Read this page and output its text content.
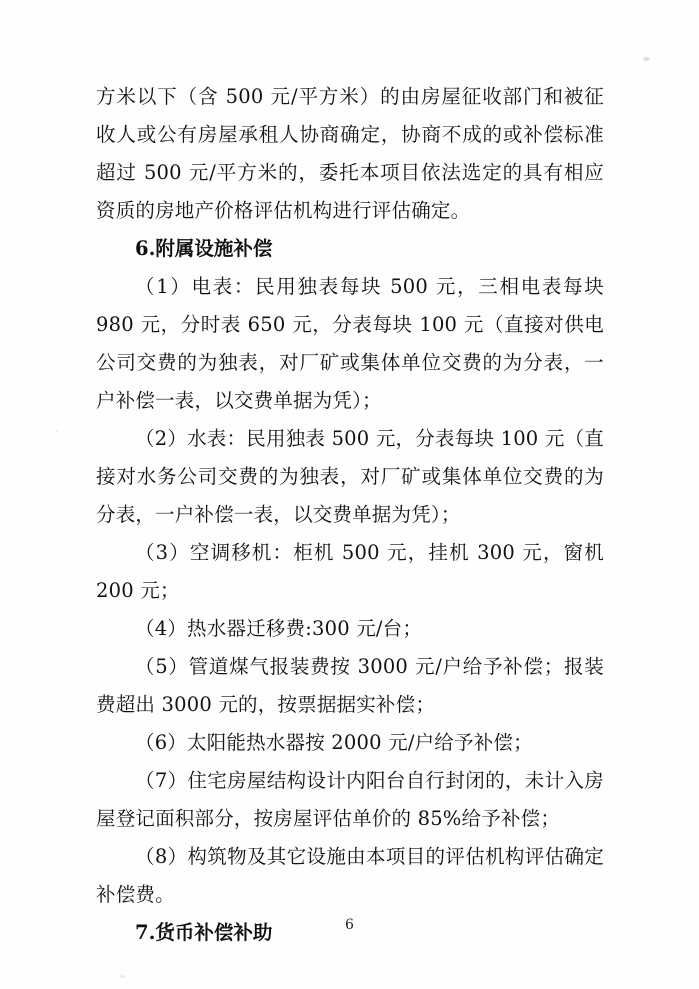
方米以下（含 500 元/平方米）的由房屋征收部门和被征收人或公有房屋承租人协商确定，协商不成的或补偿标准超过 500 元/平方米的，委托本项目依法选定的具有相应资质的房地产价格评估机构进行评估确定。

6.附属设施补偿

（1）电表：民用独表每块 500 元，三相电表每块 980 元，分时表 650 元，分表每块 100 元（直接对供电公司交费的为独表，对厂矿或集体单位交费的为分表，一户补偿一表，以交费单据为凭）；

（2）水表：民用独表 500 元，分表每块 100 元（直接对水务公司交费的为独表，对厂矿或集体单位交费的为分表，一户补偿一表，以交费单据为凭）；

（3）空调移机：柜机 500 元，挂机 300 元，窗机 200 元；

（4）热水器迁移费:300 元/台；

（5）管道煤气报装费按 3000 元/户给予补偿；报装费超出 3000 元的，按票据据实补偿；

（6）太阳能热水器按 2000 元/户给予补偿；

（7）住宅房屋结构设计内阳台自行封闭的，未计入房屋登记面积部分，按房屋评估单价的 85%给予补偿；

（8）构筑物及其它设施由本项目的评估机构评估确定补偿费。

7.货币补偿补助	6
